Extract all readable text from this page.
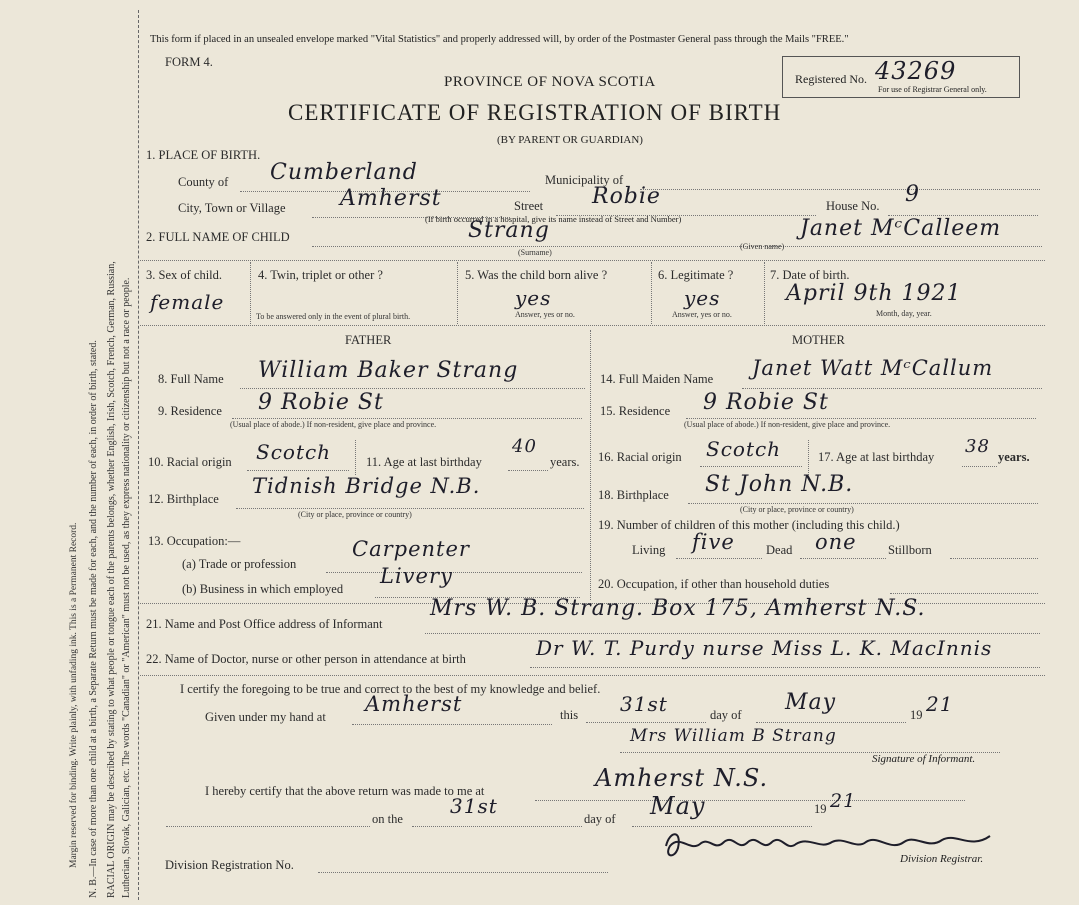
Margin reserved for binding. Write plainly, with unfading ink. This is a Permanent Record. N. B.—In case of more than one child at a birth, a Separate Return must be made for each, and the number of each, in order of birth, stated. RACIAL ORIGIN may be described by stating to what people or tongue each of the parents belongs, whether English, Irish, Scotch, French, German, Russian, Lutherian, Slovak, Galician, etc. The words "Canadian" or "American" must not be used, as they express nationality or citizenship but not a race or people.
This form if placed in an unsealed envelope marked "Vital Statistics" and properly addressed will, by order of the Postmaster General pass through the Mails "FREE."
FORM 4.
PROVINCE OF NOVA SCOTIA
CERTIFICATE OF REGISTRATION OF BIRTH
(BY PARENT OR GUARDIAN)
Registered No. 43269
For use of Registrar General only.
1. PLACE OF BIRTH.
County of Cumberland	Municipality of
City, Town or Village Amherst	Street Robie	House No. 9
(If birth occurred in a hospital, give its name instead of Street and Number)
2. FULL NAME OF CHILD	Strang
(Surname)
Janet MᶜCalleem
(Given name)
3. Sex of child.
female
4. Twin, triplet or other ?
To be answered only in the event of plural birth.
5. Was the child born alive ?
yes
Answer, yes or no.
6. Legitimate ?
yes
Answer, yes or no.
7. Date of birth.
April 9th 1921
Month, day, year.
FATHER	MOTHER
8. Full Name William Baker Strang
9. Residence 9 Robie St
(Usual place of abode.) If non-resident, give place and province.
10. Racial origin Scotch	11. Age at last birthday
40
years.
12. Birthplace
Tidnish Bridge N.B.
(City or place, province or country)
13. Occupation:—
(a) Trade or profession
Carpenter
(b) Business in which employed
Livery
14. Full Maiden Name Janet Watt MᶜCallum
15. Residence 9 Robie St
(Usual place of abode.) If non-resident, give place and province.
16. Racial origin Scotch	17. Age at last birthday 38 years.
18. Birthplace St John N.B.
(City or place, province or country)
19. Number of children of this mother (including this child.)
Living five Dead one	Stillborn
20. Occupation, if other than household duties
21. Name and Post Office address of Informant
Mrs W. B. Strang. Box 175, Amherst N.S.
22. Name of Doctor, nurse or other person in attendance at birth	Dr W. T. Purdy nurse Miss L. K. MacInnis
I certify the foregoing to be true and correct to the best of my knowledge and belief.
Given under my hand at
Amherst	this 31st	day of May	19 21
Mrs William B Strang
Signature of Informant.
I hereby certify that the above return was made to me at	Amherst N.S.
on the
31st
day of May	19 21
Division Registrar.
Division Registration No.
